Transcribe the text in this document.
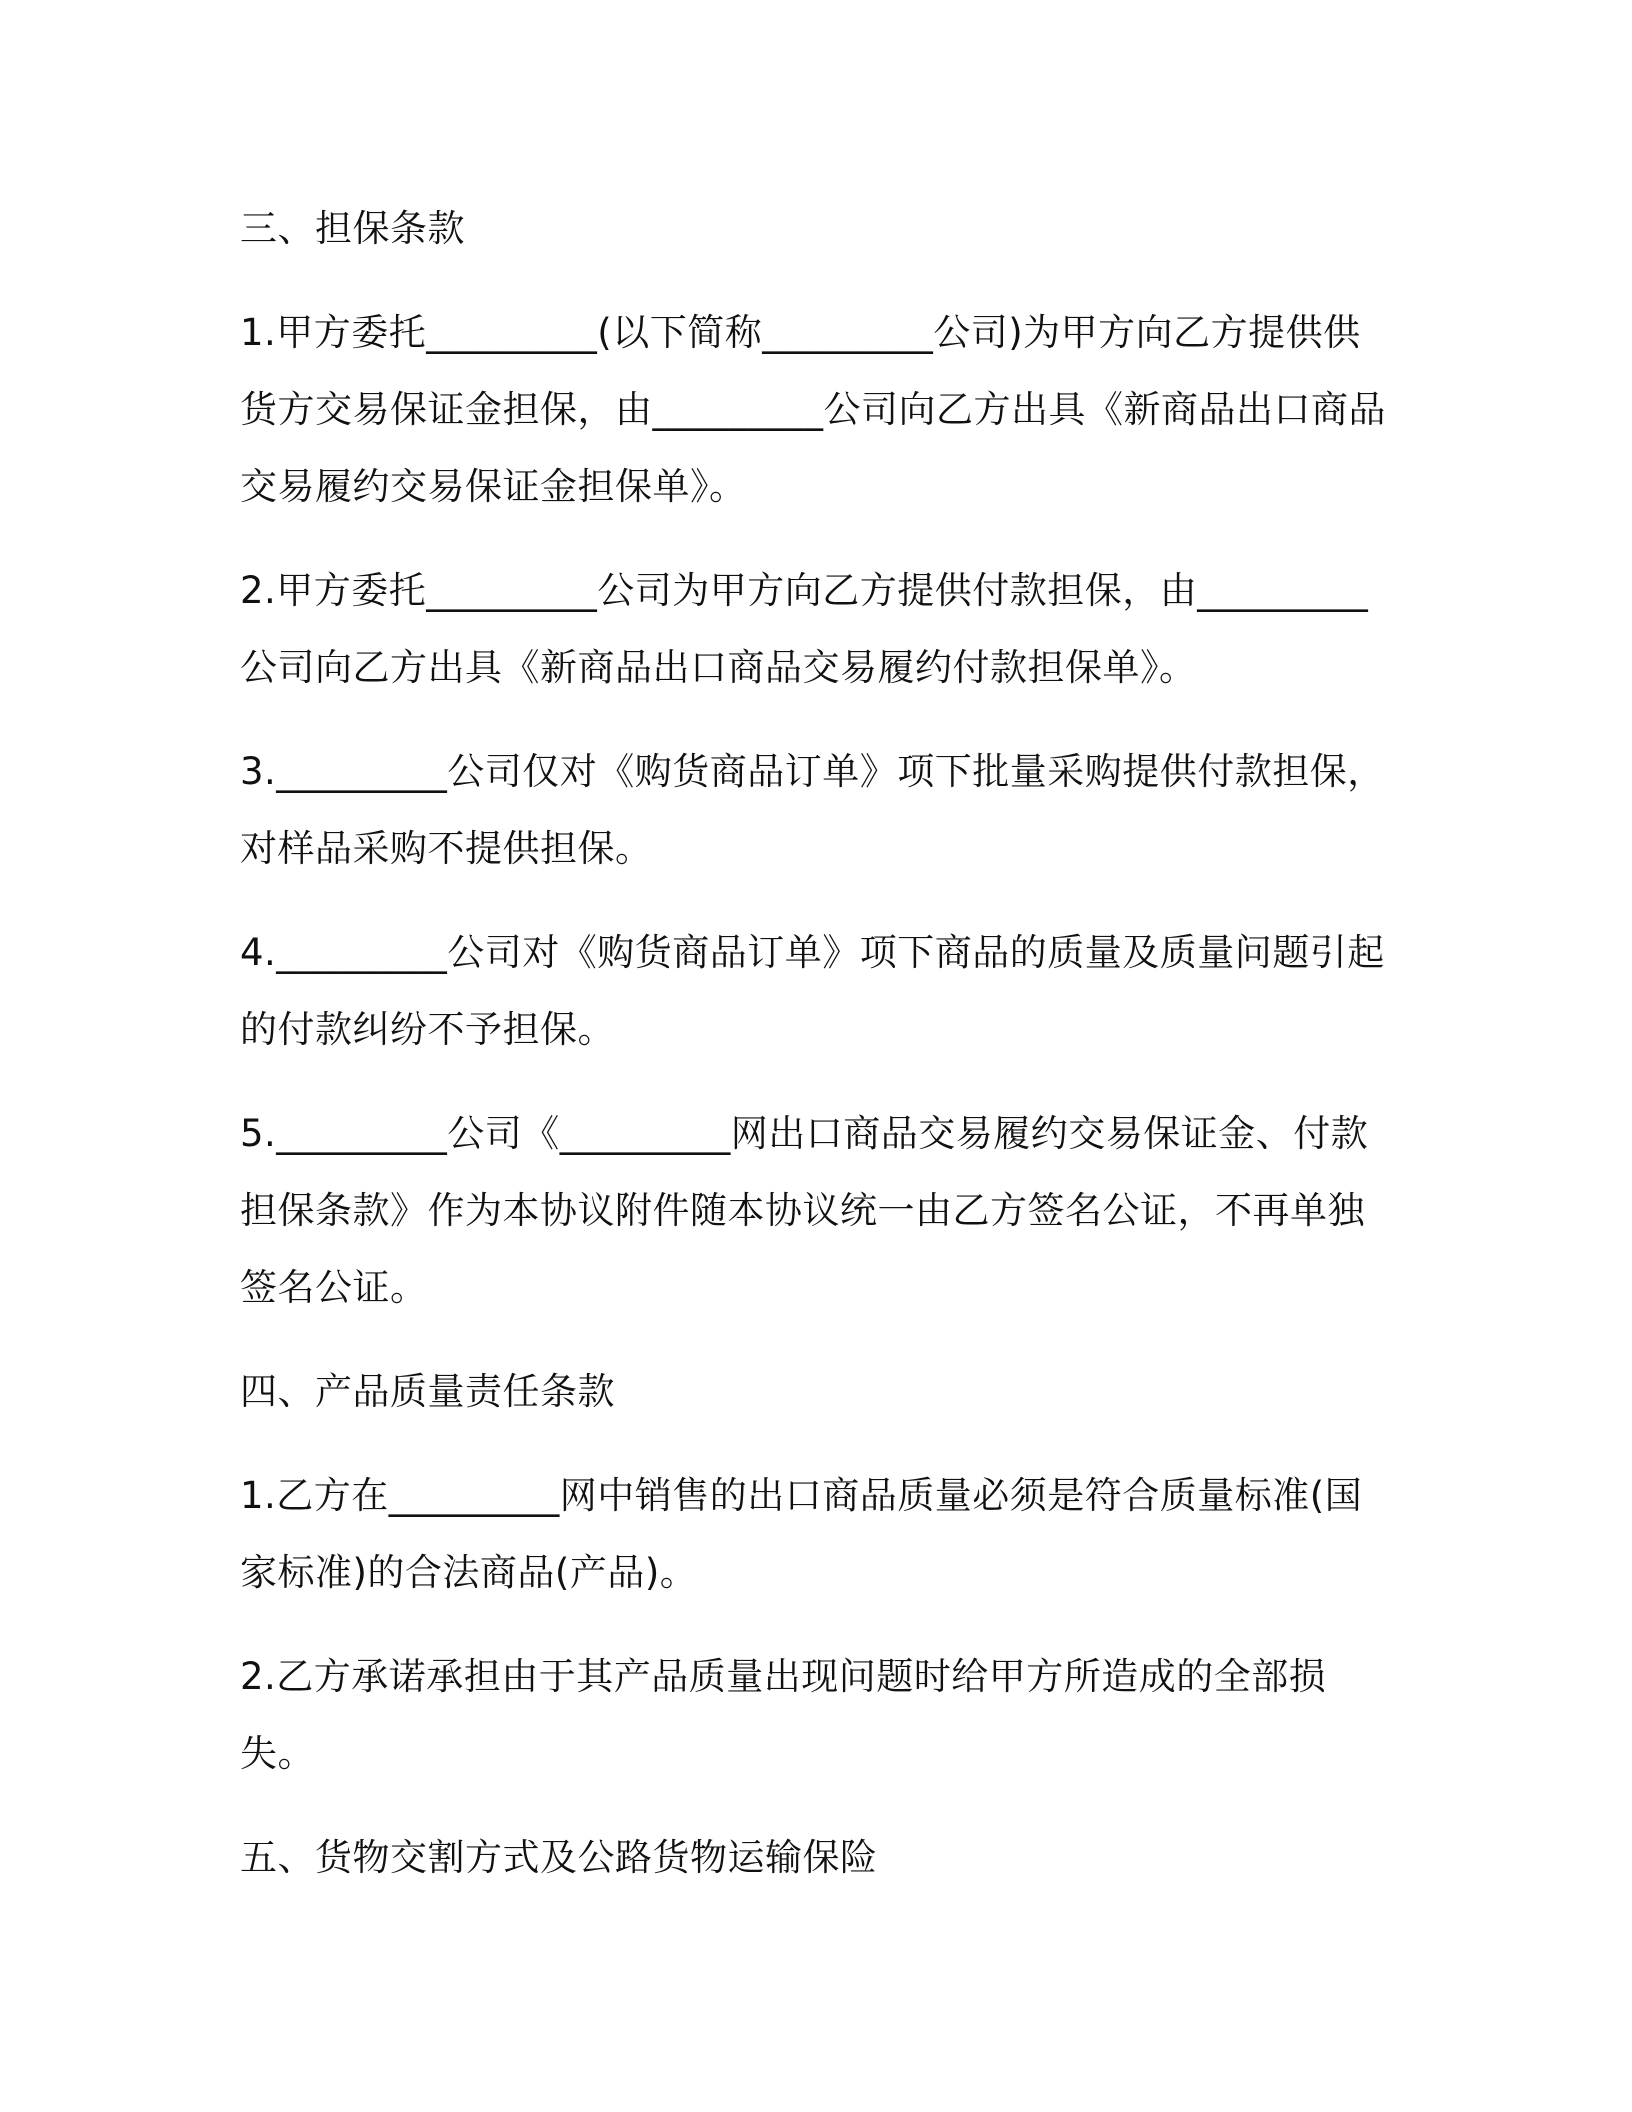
三、担保条款

1.甲方委托_________(以下简称_________公司)为甲方向乙方提供供货方交易保证金担保，由_________公司向乙方出具《新商品出口商品交易履约交易保证金担保单》。

2.甲方委托_________公司为甲方向乙方提供付款担保，由_________公司向乙方出具《新商品出口商品交易履约付款担保单》。

3._________公司仅对《购货商品订单》项下批量采购提供付款担保，对样品采购不提供担保。

4._________公司对《购货商品订单》项下商品的质量及质量问题引起的付款纠纷不予担保。

5._________公司《_________网出口商品交易履约交易保证金、付款担保条款》作为本协议附件随本协议统一由乙方签名公证，不再单独签名公证。

四、产品质量责任条款

1.乙方在_________网中销售的出口商品质量必须是符合质量标准(国家标准)的合法商品(产品)。

2.乙方承诺承担由于其产品质量出现问题时给甲方所造成的全部损失。

五、货物交割方式及公路货物运输保险
